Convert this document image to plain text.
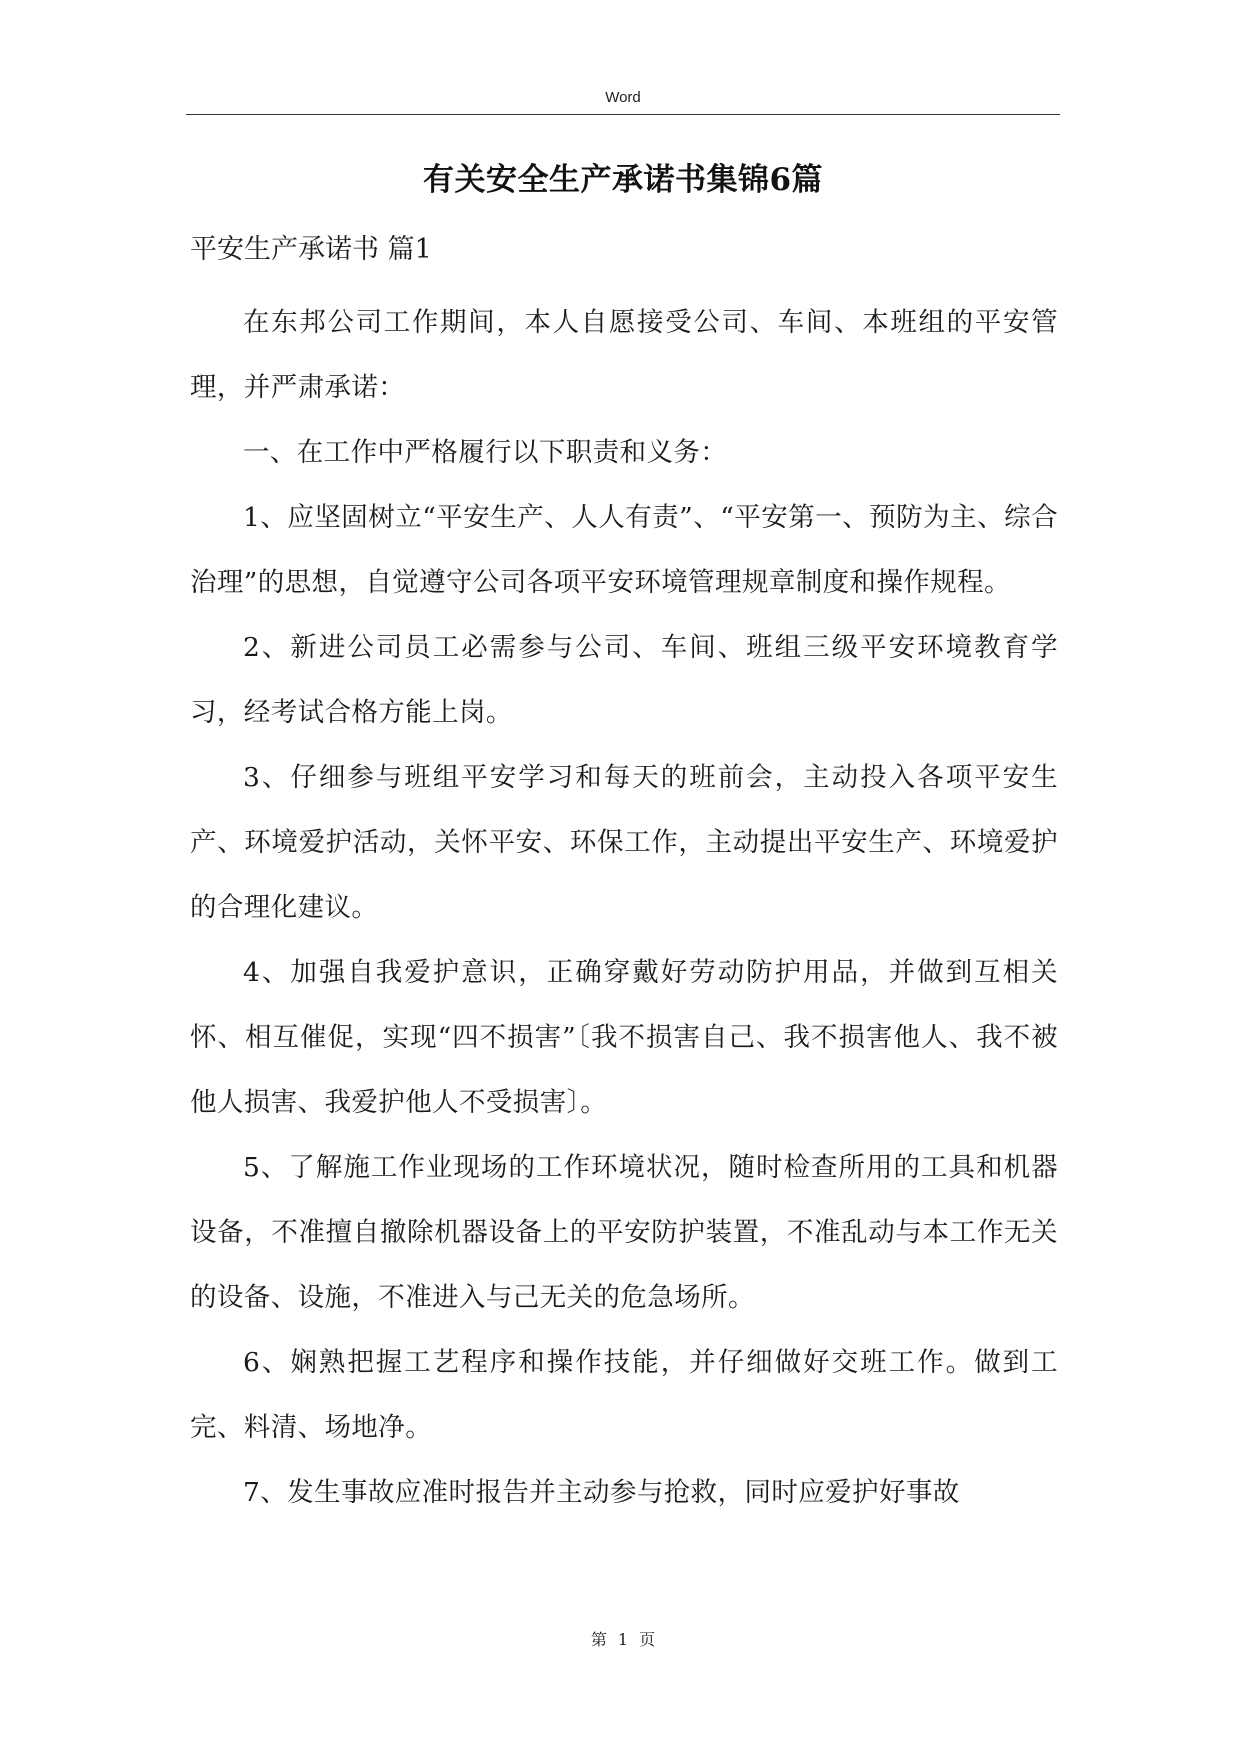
Word
有关安全生产承诺书集锦6篇
平安生产承诺书 篇1

在东邦公司工作期间，本人自愿接受公司、车间、本班组的平安管理，并严肃承诺：

一、在工作中严格履行以下职责和义务：

1、应坚固树立“平安生产、人人有责”、“平安第一、预防为主、综合治理”的思想，自觉遵守公司各项平安环境管理规章制度和操作规程。

2、新进公司员工必需参与公司、车间、班组三级平安环境教育学习，经考试合格方能上岗。

3、仔细参与班组平安学习和每天的班前会，主动投入各项平安生产、环境爱护活动，关怀平安、环保工作，主动提出平安生产、环境爱护的合理化建议。

4、加强自我爱护意识，正确穿戴好劳动防护用品，并做到互相关怀、相互催促，实现“四不损害”〔我不损害自己、我不损害他人、我不被他人损害、我爱护他人不受损害〕。

5、了解施工作业现场的工作环境状况，随时检查所用的工具和机器设备，不准擅自撤除机器设备上的平安防护装置，不准乱动与本工作无关的设备、设施，不准进入与己无关的危急场所。

6、娴熟把握工艺程序和操作技能，并仔细做好交班工作。做到工完、料清、场地净。

7、发生事故应准时报告并主动参与抢救，同时应爱护好事故

第 1 页
